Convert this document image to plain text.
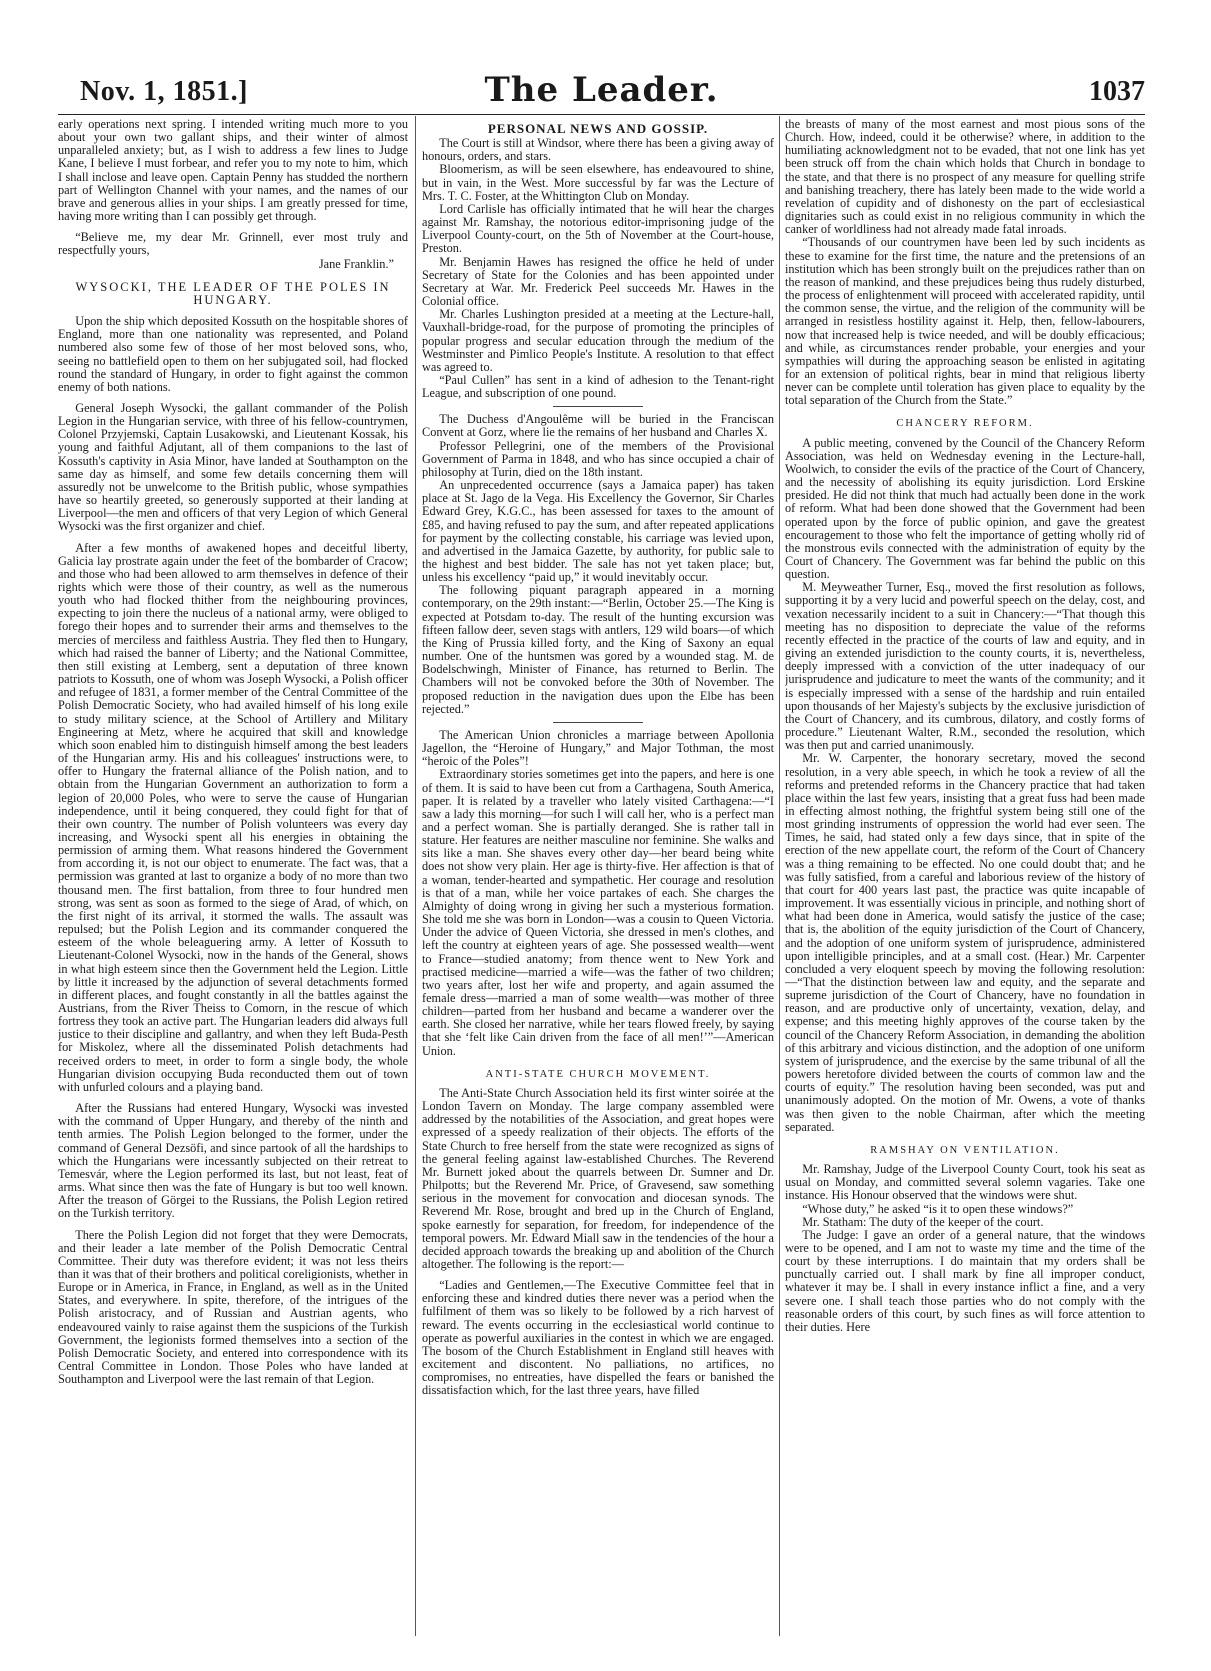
Nov. 1, 1851.]	The Leader.	1037

early operations next spring. I intended writing much more to you about your own two gallant ships, and their winter of almost unparalleled anxiety; but, as I wish to address a few lines to Judge Kane, I believe I must forbear, and refer you to my note to him, which I shall inclose and leave open. Captain Penny has studded the northern part of Wellington Channel with your names, and the names of our brave and generous allies in your ships. I am greatly pressed for time, having more writing than I can possibly get through.

“Believe me, my dear Mr. Grinnell, ever most truly and respectfully yours,

Jane Franklin.”
WYSOCKI, THE LEADER OF THE POLES IN HUNGARY.

Upon the ship which deposited Kossuth on the hospitable shores of England, more than one nationality was represented, and Poland numbered also some few of those of her most beloved sons, who, seeing no battlefield open to them on her subjugated soil, had flocked round the standard of Hungary, in order to fight against the common enemy of both nations.

General Joseph Wysocki, the gallant commander of the Polish Legion in the Hungarian service, with three of his fellow-countrymen, Colonel Przyjemski, Captain Lusakowski, and Lieutenant Kossak, his young and faithful Adjutant, all of them companions to the last of Kossuth's captivity in Asia Minor, have landed at Southampton on the same day as himself, and some few details concerning them will assuredly not be unwelcome to the British public, whose sympathies have so heartily greeted, so generously supported at their landing at Liverpool—the men and officers of that very Legion of which General Wysocki was the first organizer and chief.

After a few months of awakened hopes and deceitful liberty, Galicia lay prostrate again under the feet of the bombarder of Cracow; and those who had been allowed to arm themselves in defence of their rights which were those of their country, as well as the numerous youth who had flocked thither from the neighbouring provinces, expecting to join there the nucleus of a national army, were obliged to forego their hopes and to surrender their arms and themselves to the mercies of merciless and faithless Austria. They fled then to Hungary, which had raised the banner of Liberty; and the National Committee, then still existing at Lemberg, sent a deputation of three known patriots to Kossuth, one of whom was Joseph Wysocki, a Polish officer and refugee of 1831, a former member of the Central Committee of the Polish Democratic Society, who had availed himself of his long exile to study military science, at the School of Artillery and Military Engineering at Metz, where he acquired that skill and knowledge which soon enabled him to distinguish himself among the best leaders of the Hungarian army. His and his colleagues' instructions were, to offer to Hungary the fraternal alliance of the Polish nation, and to obtain from the Hungarian Government an authorization to form a legion of 20,000 Poles, who were to serve the cause of Hungarian independence, until it being conquered, they could fight for that of their own country. The number of Polish volunteers was every day increasing, and Wysocki spent all his energies in obtaining the permission of arming them. What reasons hindered the Government from according it, is not our object to enumerate. The fact was, that a permission was granted at last to organize a body of no more than two thousand men. The first battalion, from three to four hundred men strong, was sent as soon as formed to the siege of Arad, of which, on the first night of its arrival, it stormed the walls. The assault was repulsed; but the Polish Legion and its commander conquered the esteem of the whole beleaguering army. A letter of Kossuth to Lieutenant-Colonel Wysocki, now in the hands of the General, shows in what high esteem since then the Government held the Legion. Little by little it increased by the adjunction of several detachments formed in different places, and fought constantly in all the battles against the Austrians, from the River Theiss to Comorn, in the rescue of which fortress they took an active part. The Hungarian leaders did always full justice to their discipline and gallantry, and when they left Buda-Pesth for Miskolez, where all the disseminated Polish detachments had received orders to meet, in order to form a single body, the whole Hungarian division occupying Buda reconducted them out of town with unfurled colours and a playing band.

After the Russians had entered Hungary, Wysocki was invested with the command of Upper Hungary, and thereby of the ninth and tenth armies. The Polish Legion belonged to the former, under the command of General Dezsöfi, and since partook of all the hardships to which the Hungarians were incessantly subjected on their retreat to Temesvár, where the Legion performed its last, but not least, feat of arms. What since then was the fate of Hungary is but too well known. After the treason of Görgei to the Russians, the Polish Legion retired on the Turkish territory.

There the Polish Legion did not forget that they were Democrats, and their leader a late member of the Polish Democratic Central Committee. Their duty was therefore evident; it was not less theirs than it was that of their brothers and political coreligionists, whether in Europe or in America, in France, in England, as well as in the United States, and everywhere. In spite, therefore, of the intrigues of the Polish aristocracy, and of Russian and Austrian agents, who endeavoured vainly to raise against them the suspicions of the Turkish Government, the legionists formed themselves into a section of the Polish Democratic Society, and entered into correspondence with its Central Committee in London. Those Poles who have landed at Southampton and Liverpool were the last remain of that Legion.

PERSONAL NEWS AND GOSSIP.

The Court is still at Windsor, where there has been a giving away of honours, orders, and stars.

Bloomerism, as will be seen elsewhere, has endeavoured to shine, but in vain, in the West. More successful by far was the Lecture of Mrs. T. C. Foster, at the Whittington Club on Monday.

Lord Carlisle has officially intimated that he will hear the charges against Mr. Ramshay, the notorious editor-imprisoning judge of the Liverpool County-court, on the 5th of November at the Court-house, Preston.

Mr. Benjamin Hawes has resigned the office he held of under Secretary of State for the Colonies and has been appointed under Secretary at War. Mr. Frederick Peel succeeds Mr. Hawes in the Colonial office.

Mr. Charles Lushington presided at a meeting at the Lecture-hall, Vauxhall-bridge-road, for the purpose of promoting the principles of popular progress and secular education through the medium of the Westminster and Pimlico People's Institute. A resolution to that effect was agreed to.

“Paul Cullen” has sent in a kind of adhesion to the Tenant-right League, and subscription of one pound.

The Duchess d'Angoulême will be buried in the Franciscan Convent at Gorz, where lie the remains of her husband and Charles X.

Professor Pellegrini, one of the members of the Provisional Government of Parma in 1848, and who has since occupied a chair of philosophy at Turin, died on the 18th instant.

An unprecedented occurrence (says a Jamaica paper) has taken place at St. Jago de la Vega. His Excellency the Governor, Sir Charles Edward Grey, K.G.C., has been assessed for taxes to the amount of £85, and having refused to pay the sum, and after repeated applications for payment by the collecting constable, his carriage was levied upon, and advertised in the Jamaica Gazette, by authority, for public sale to the highest and best bidder. The sale has not yet taken place; but, unless his excellency “paid up,” it would inevitably occur.

The following piquant paragraph appeared in a morning contemporary, on the 29th instant:—“Berlin, October 25.—The King is expected at Potsdam to-day. The result of the hunting excursion was fifteen fallow deer, seven stags with antlers, 129 wild boars—of which the King of Prussia killed forty, and the King of Saxony an equal number. One of the huntsmen was gored by a wounded stag. M. de Bodelschwingh, Minister of Finance, has returned to Berlin. The Chambers will not be convoked before the 30th of November. The proposed reduction in the navigation dues upon the Elbe has been rejected.”

The American Union chronicles a marriage between Apollonia Jagellon, the “Heroine of Hungary,” and Major Tothman, the most “heroic of the Poles”!

Extraordinary stories sometimes get into the papers, and here is one of them. It is said to have been cut from a Carthagena, South America, paper. It is related by a traveller who lately visited Carthagena:—“I saw a lady this morning—for such I will call her, who is a perfect man and a perfect woman. She is partially deranged. She is rather tall in stature. Her features are neither masculine nor feminine. She walks and sits like a man. She shaves every other day—her beard being white does not show very plain. Her age is thirty-five. Her affection is that of a woman, tender-hearted and sympathetic. Her courage and resolution is that of a man, while her voice partakes of each. She charges the Almighty of doing wrong in giving her such a mysterious formation. She told me she was born in London—was a cousin to Queen Victoria. Under the advice of Queen Victoria, she dressed in men's clothes, and left the country at eighteen years of age. She possessed wealth—went to France—studied anatomy; from thence went to New York and practised medicine—married a wife—was the father of two children; two years after, lost her wife and property, and again assumed the female dress—married a man of some wealth—was mother of three children—parted from her husband and became a wanderer over the earth. She closed her narrative, while her tears flowed freely, by saying that she ‘felt like Cain driven from the face of all men!’”—American Union.

ANTI-STATE CHURCH MOVEMENT.

The Anti-State Church Association held its first winter soirée at the London Tavern on Monday. The large company assembled were addressed by the notabilities of the Association, and great hopes were expressed of a speedy realization of their objects. The efforts of the State Church to free herself from the state were recognized as signs of the general feeling against law-established Churches. The Reverend Mr. Burnett joked about the quarrels between Dr. Sumner and Dr. Philpotts; but the Reverend Mr. Price, of Gravesend, saw something serious in the movement for convocation and diocesan synods. The Reverend Mr. Rose, brought and bred up in the Church of England, spoke earnestly for separation, for freedom, for independence of the temporal powers. Mr. Edward Miall saw in the tendencies of the hour a decided approach towards the breaking up and abolition of the Church altogether. The following is the report:—

“Ladies and Gentlemen,—The Executive Committee feel that in enforcing these and kindred duties there never was a period when the fulfilment of them was so likely to be followed by a rich harvest of reward. The events occurring in the ecclesiastical world continue to operate as powerful auxiliaries in the contest in which we are engaged. The bosom of the Church Establishment in England still heaves with excitement and discontent. No palliations, no artifices, no compromises, no entreaties, have dispelled the fears or banished the dissatisfaction which, for the last three years, have filled

the breasts of many of the most earnest and most pious sons of the Church. How, indeed, could it be otherwise? where, in addition to the humiliating acknowledgment not to be evaded, that not one link has yet been struck off from the chain which holds that Church in bondage to the state, and that there is no prospect of any measure for quelling strife and banishing treachery, there has lately been made to the wide world a revelation of cupidity and of dishonesty on the part of ecclesiastical dignitaries such as could exist in no religious community in which the canker of worldliness had not already made fatal inroads.

“Thousands of our countrymen have been led by such incidents as these to examine for the first time, the nature and the pretensions of an institution which has been strongly built on the prejudices rather than on the reason of mankind, and these prejudices being thus rudely disturbed, the process of enlightenment will proceed with accelerated rapidity, until the common sense, the virtue, and the religion of the community will be arranged in resistless hostility against it. Help, then, fellow-labourers, now that increased help is twice needed, and will be doubly efficacious; and while, as circumstances render probable, your energies and your sympathies will during the approaching season be enlisted in agitating for an extension of political rights, bear in mind that religious liberty never can be complete until toleration has given place to equality by the total separation of the Church from the State.”

CHANCERY REFORM.

A public meeting, convened by the Council of the Chancery Reform Association, was held on Wednesday evening in the Lecture-hall, Woolwich, to consider the evils of the practice of the Court of Chancery, and the necessity of abolishing its equity jurisdiction. Lord Erskine presided. He did not think that much had actually been done in the work of reform. What had been done showed that the Government had been operated upon by the force of public opinion, and gave the greatest encouragement to those who felt the importance of getting wholly rid of the monstrous evils connected with the administration of equity by the Court of Chancery. The Government was far behind the public on this question.

M. Meyweather Turner, Esq., moved the first resolution as follows, supporting it by a very lucid and powerful speech on the delay, cost, and vexation necessarily incident to a suit in Chancery:—“That though this meeting has no disposition to depreciate the value of the reforms recently effected in the practice of the courts of law and equity, and in giving an extended jurisdiction to the county courts, it is, nevertheless, deeply impressed with a conviction of the utter inadequacy of our jurisprudence and judicature to meet the wants of the community; and it is especially impressed with a sense of the hardship and ruin entailed upon thousands of her Majesty's subjects by the exclusive jurisdiction of the Court of Chancery, and its cumbrous, dilatory, and costly forms of procedure.” Lieutenant Walter, R.M., seconded the resolution, which was then put and carried unanimously.

Mr. W. Carpenter, the honorary secretary, moved the second resolution, in a very able speech, in which he took a review of all the reforms and pretended reforms in the Chancery practice that had taken place within the last few years, insisting that a great fuss had been made in effecting almost nothing, the frightful system being still one of the most grinding instruments of oppression the world had ever seen. The Times, he said, had stated only a few days since, that in spite of the erection of the new appellate court, the reform of the Court of Chancery was a thing remaining to be effected. No one could doubt that; and he was fully satisfied, from a careful and laborious review of the history of that court for 400 years last past, the practice was quite incapable of improvement. It was essentially vicious in principle, and nothing short of what had been done in America, would satisfy the justice of the case; that is, the abolition of the equity jurisdiction of the Court of Chancery, and the adoption of one uniform system of jurisprudence, administered upon intelligible principles, and at a small cost. (Hear.) Mr. Carpenter concluded a very eloquent speech by moving the following resolution:—“That the distinction between law and equity, and the separate and supreme jurisdiction of the Court of Chancery, have no foundation in reason, and are productive only of uncertainty, vexation, delay, and expense; and this meeting highly approves of the course taken by the council of the Chancery Reform Association, in demanding the abolition of this arbitrary and vicious distinction, and the adoption of one uniform system of jurisprudence, and the exercise by the same tribunal of all the powers heretofore divided between the courts of common law and the courts of equity.” The resolution having been seconded, was put and unanimously adopted. On the motion of Mr. Owens, a vote of thanks was then given to the noble Chairman, after which the meeting separated.

RAMSHAY ON VENTILATION.

Mr. Ramshay, Judge of the Liverpool County Court, took his seat as usual on Monday, and committed several solemn vagaries. Take one instance. His Honour observed that the windows were shut.

“Whose duty,” he asked “is it to open these windows?”

Mr. Statham: The duty of the keeper of the court.

The Judge: I gave an order of a general nature, that the windows were to be opened, and I am not to waste my time and the time of the court by these interruptions. I do maintain that my orders shall be punctually carried out. I shall mark by fine all improper conduct, whatever it may be. I shall in every instance inflict a fine, and a very severe one. I shall teach those parties who do not comply with the reasonable orders of this court, by such fines as will force attention to their duties. Here
